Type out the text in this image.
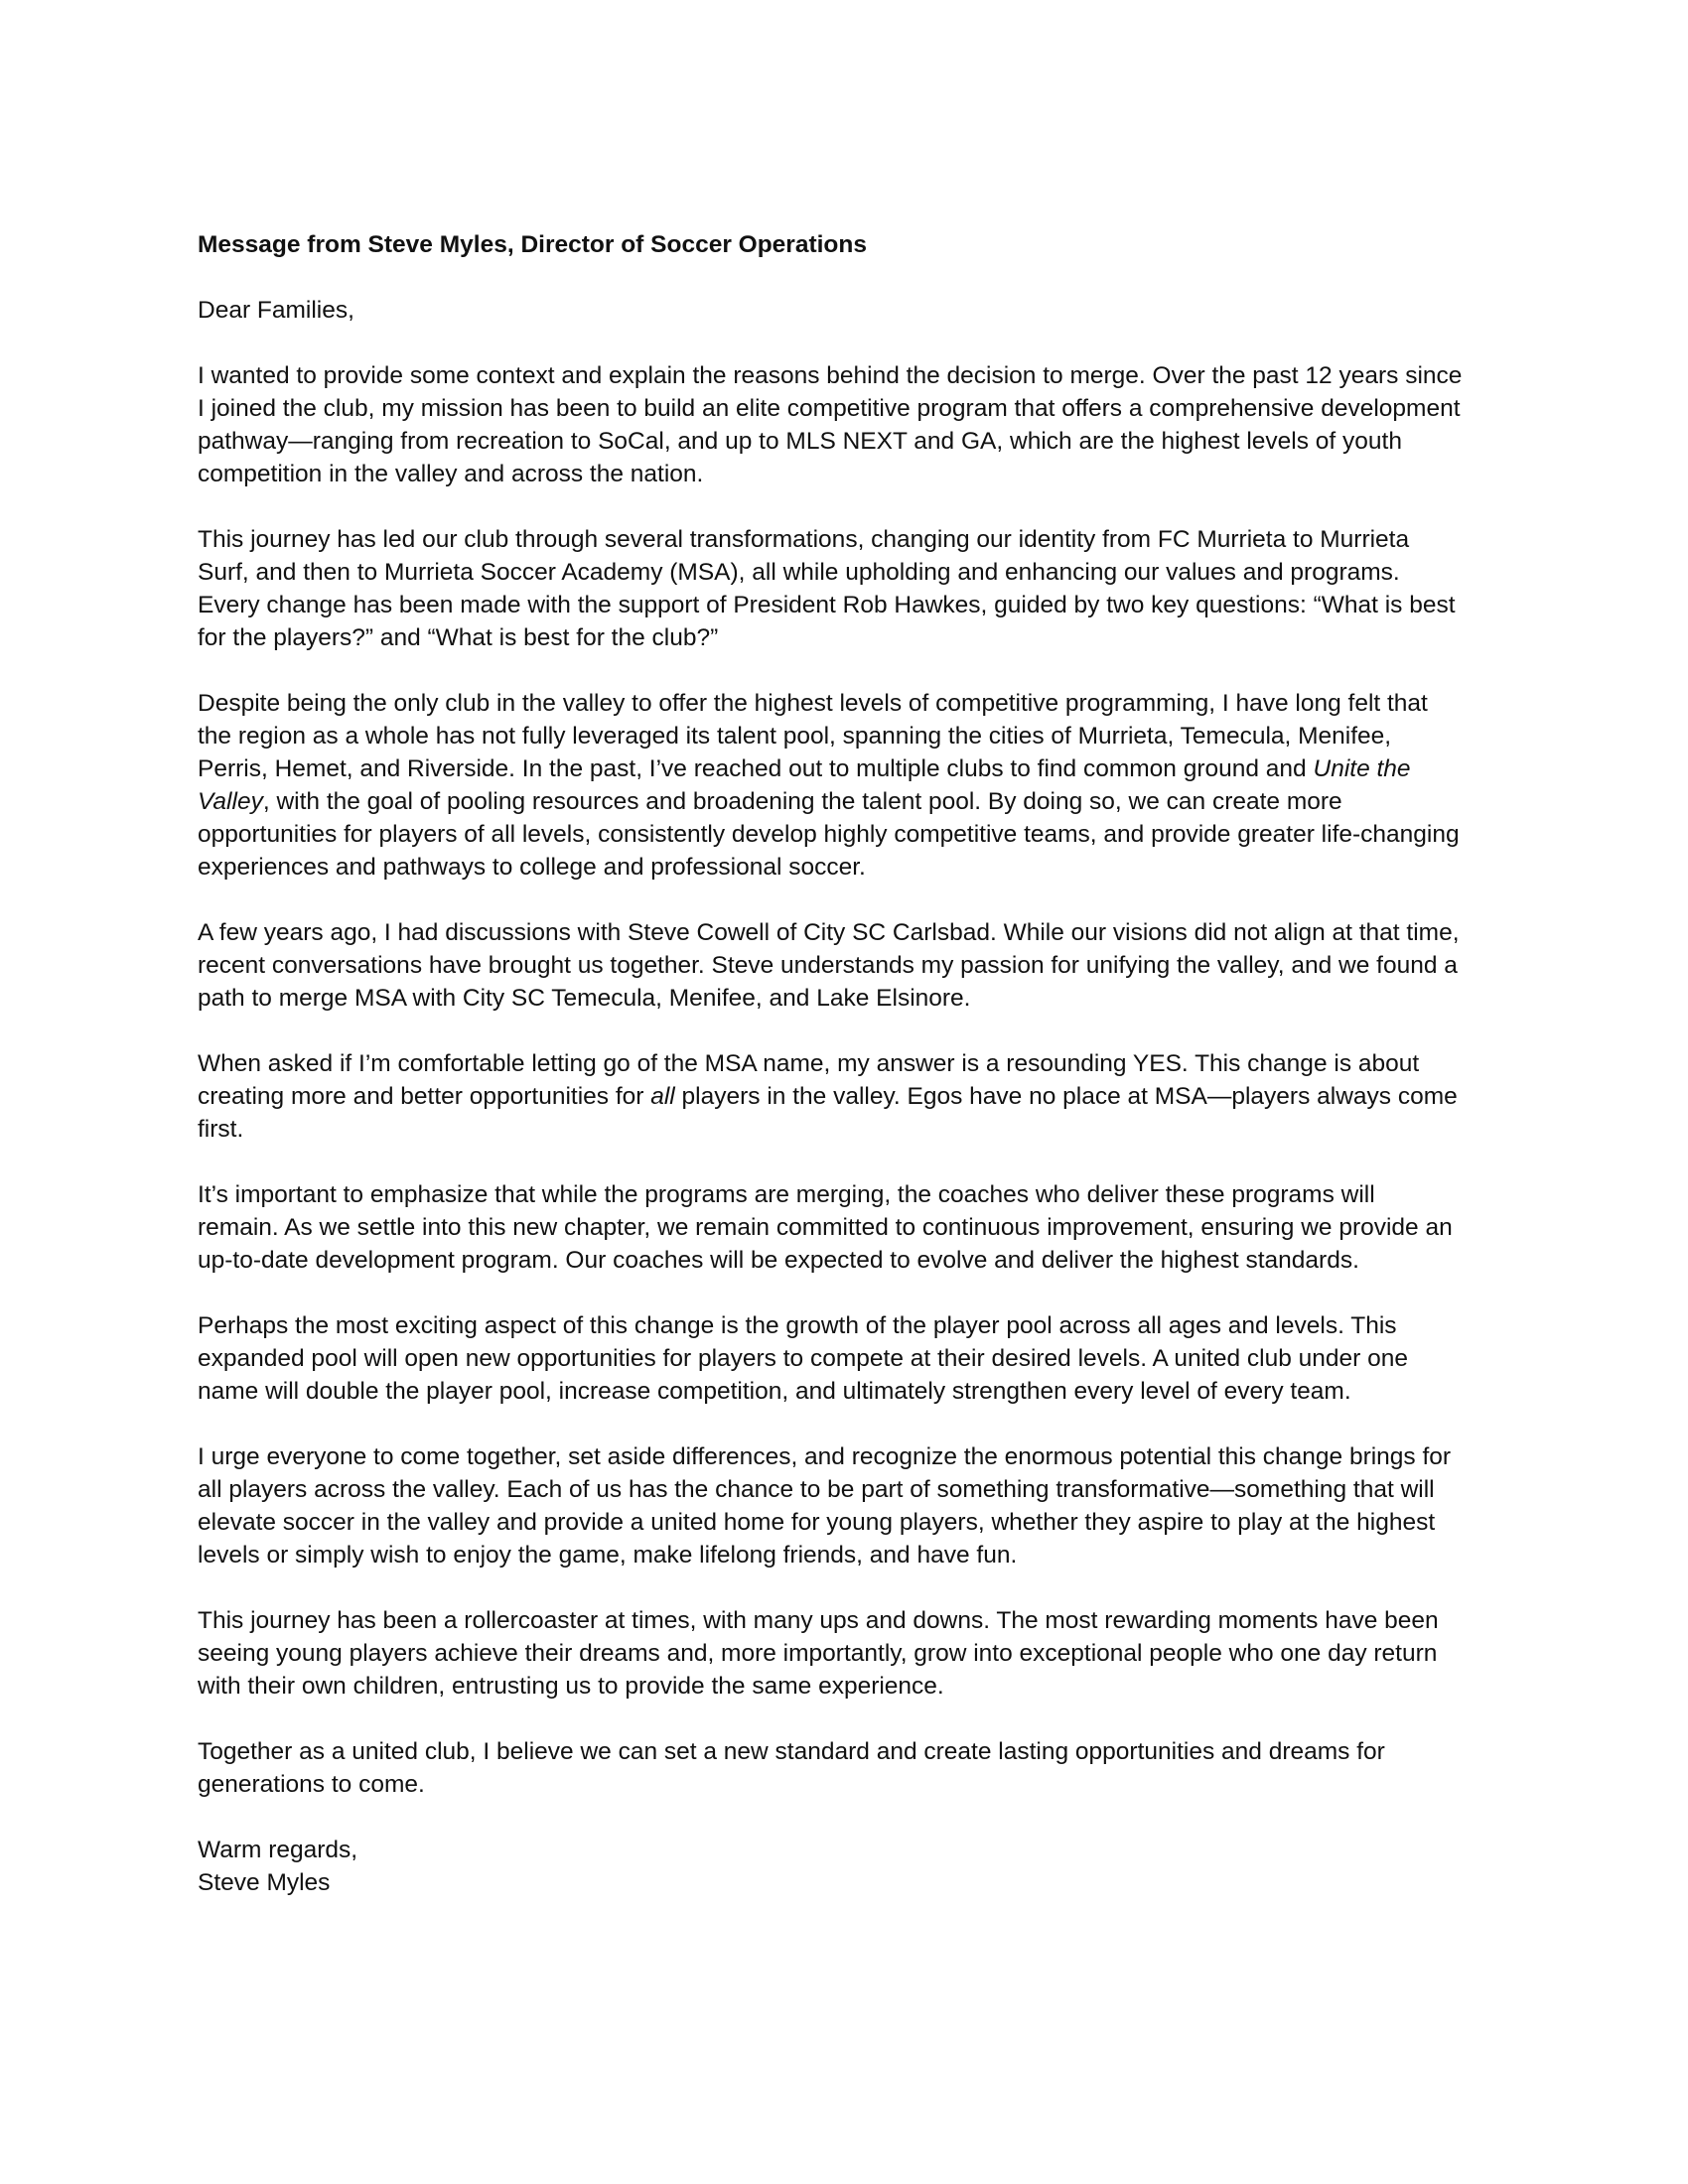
Message from Steve Myles, Director of Soccer Operations
Dear Families,
I wanted to provide some context and explain the reasons behind the decision to merge. Over the past 12 years since
I joined the club, my mission has been to build an elite competitive program that offers a comprehensive development
pathway—ranging from recreation to SoCal, and up to MLS NEXT and GA, which are the highest levels of youth
competition in the valley and across the nation.
This journey has led our club through several transformations, changing our identity from FC Murrieta to Murrieta
Surf, and then to Murrieta Soccer Academy (MSA), all while upholding and enhancing our values and programs.
Every change has been made with the support of President Rob Hawkes, guided by two key questions: “What is best
for the players?” and “What is best for the club?”
Despite being the only club in the valley to offer the highest levels of competitive programming, I have long felt that
the region as a whole has not fully leveraged its talent pool, spanning the cities of Murrieta, Temecula, Menifee,
Perris, Hemet, and Riverside. In the past, I’ve reached out to multiple clubs to find common ground and Unite the
Valley, with the goal of pooling resources and broadening the talent pool. By doing so, we can create more
opportunities for players of all levels, consistently develop highly competitive teams, and provide greater life-changing
experiences and pathways to college and professional soccer.
A few years ago, I had discussions with Steve Cowell of City SC Carlsbad. While our visions did not align at that time,
recent conversations have brought us together. Steve understands my passion for unifying the valley, and we found a
path to merge MSA with City SC Temecula, Menifee, and Lake Elsinore.
When asked if I’m comfortable letting go of the MSA name, my answer is a resounding YES. This change is about
creating more and better opportunities for all players in the valley. Egos have no place at MSA—players always come
first.
It’s important to emphasize that while the programs are merging, the coaches who deliver these programs will
remain. As we settle into this new chapter, we remain committed to continuous improvement, ensuring we provide an
up-to-date development program. Our coaches will be expected to evolve and deliver the highest standards.
Perhaps the most exciting aspect of this change is the growth of the player pool across all ages and levels. This
expanded pool will open new opportunities for players to compete at their desired levels. A united club under one
name will double the player pool, increase competition, and ultimately strengthen every level of every team.
I urge everyone to come together, set aside differences, and recognize the enormous potential this change brings for
all players across the valley. Each of us has the chance to be part of something transformative—something that will
elevate soccer in the valley and provide a united home for young players, whether they aspire to play at the highest
levels or simply wish to enjoy the game, make lifelong friends, and have fun.
This journey has been a rollercoaster at times, with many ups and downs. The most rewarding moments have been
seeing young players achieve their dreams and, more importantly, grow into exceptional people who one day return
with their own children, entrusting us to provide the same experience.
Together as a united club, I believe we can set a new standard and create lasting opportunities and dreams for
generations to come.
Warm regards,
Steve Myles
